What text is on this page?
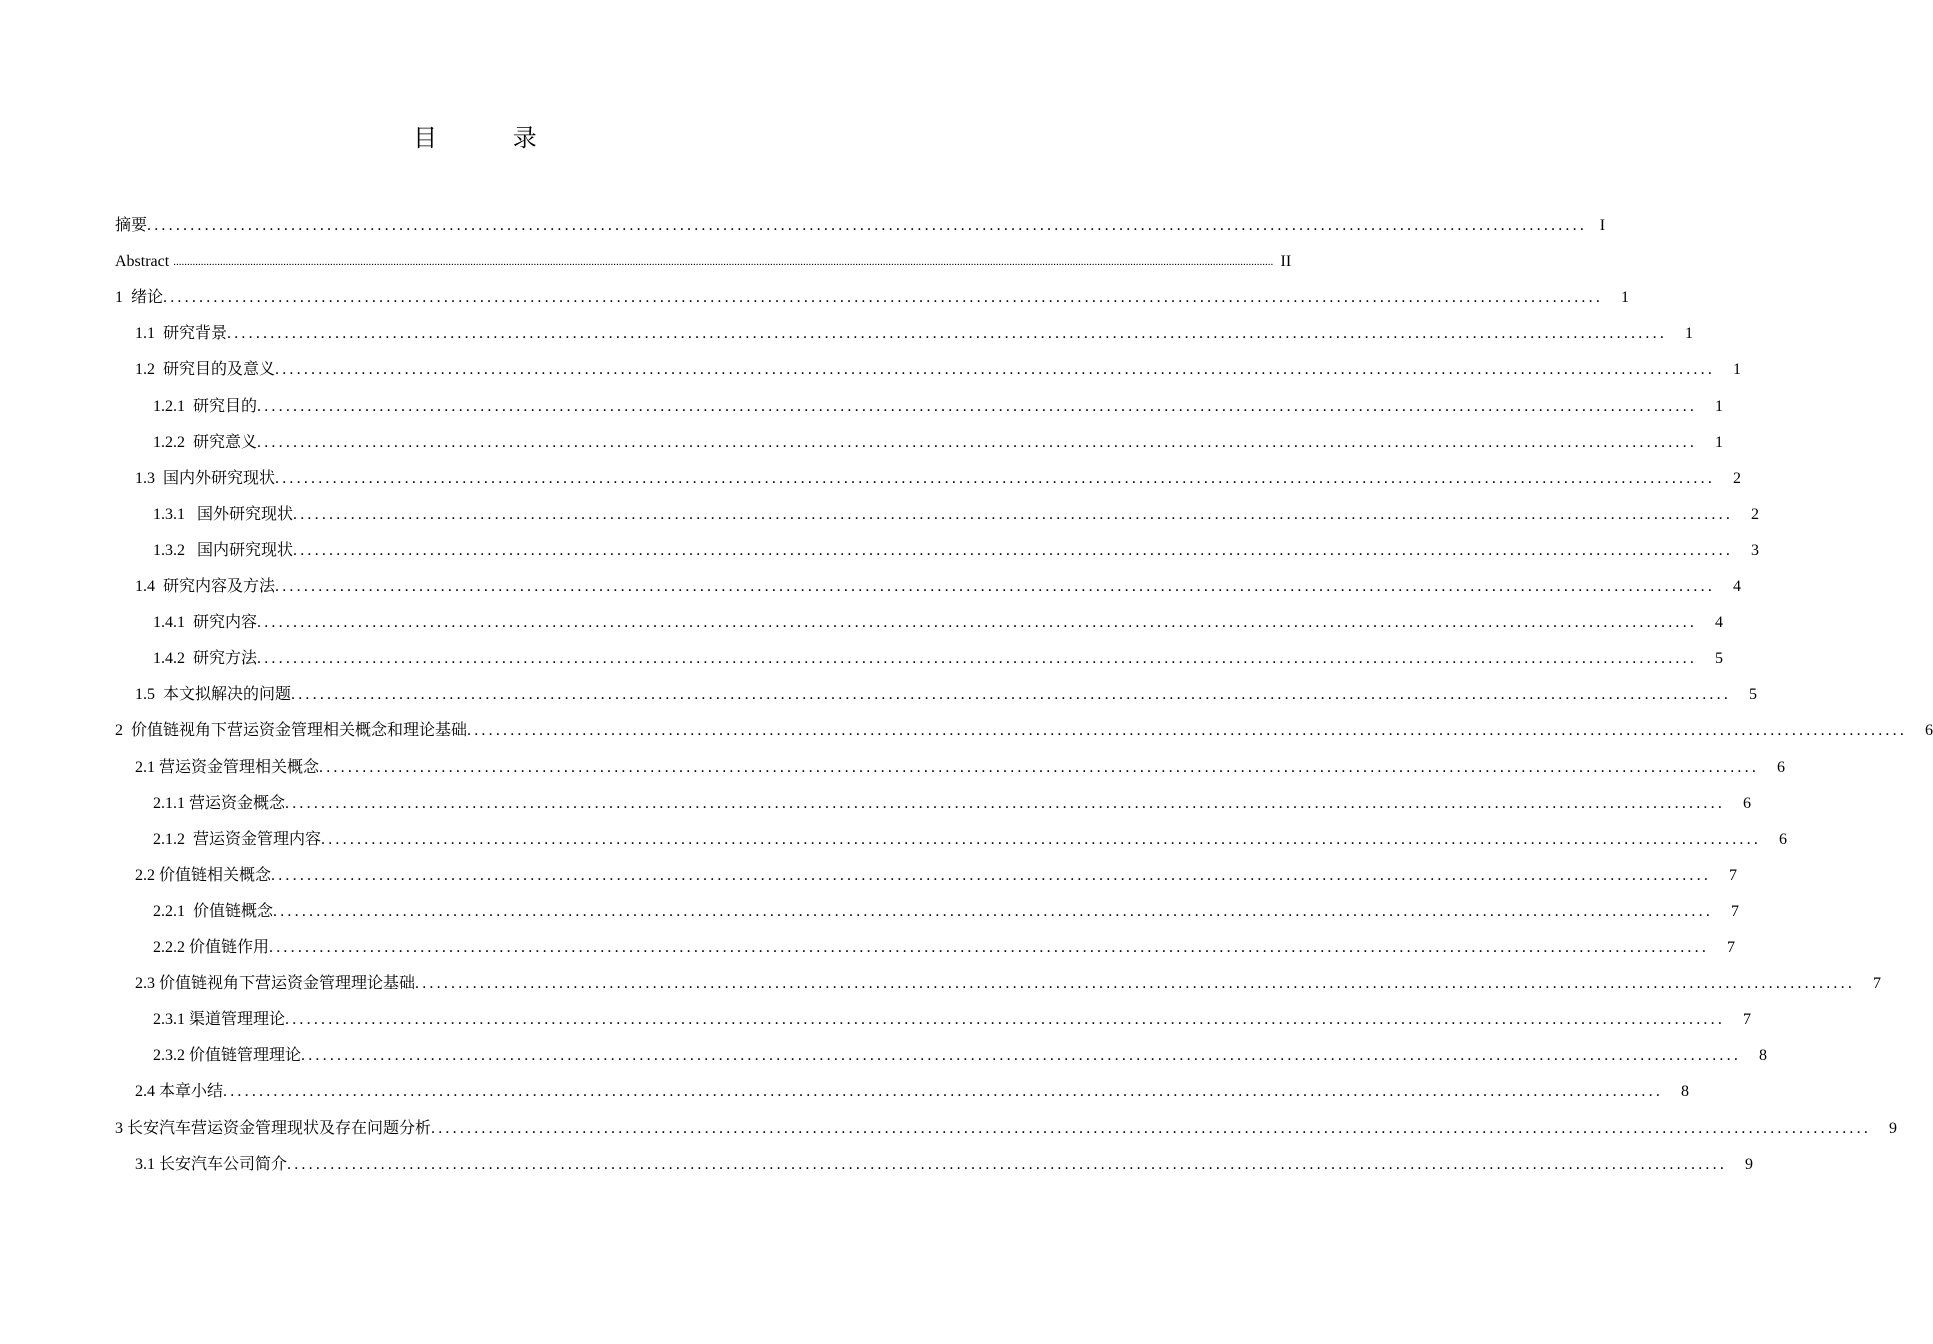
目 录
摘要 ........................................................................................................................................................................................................ I
Abstract ................................................................................................................................................................................................................................................................................................................................................................................................................ II
1  绪论 ........................................................................................................................................................................................................	1
1.1  研究背景 ........................................................................................................................................................................................................	1
1.2  研究目的及意义 ........................................................................................................................................................................................................	1
1.2.1  研究目的 ........................................................................................................................................................................................................	1
1.2.2  研究意义 ........................................................................................................................................................................................................	1
1.3  国内外研究现状 ........................................................................................................................................................................................................	2
1.3.1   国外研究现状 ........................................................................................................................................................................................................	2
1.3.2   国内研究现状 ........................................................................................................................................................................................................	3
1.4  研究内容及方法 ........................................................................................................................................................................................................	4
1.4.1  研究内容 ........................................................................................................................................................................................................	4
1.4.2  研究方法 ........................................................................................................................................................................................................	5
1.5  本文拟解决的问题 ........................................................................................................................................................................................................	5
2  价值链视角下营运资金管理相关概念和理论基础 ........................................................................................................................................................................................................	6
2.1 营运资金管理相关概念 ........................................................................................................................................................................................................	6
2.1.1 营运资金概念 ........................................................................................................................................................................................................	6
2.1.2  营运资金管理内容 ........................................................................................................................................................................................................	6
2.2 价值链相关概念 ........................................................................................................................................................................................................	7
2.2.1  价值链概念 ........................................................................................................................................................................................................	7
2.2.2 价值链作用 ........................................................................................................................................................................................................	7
2.3 价值链视角下营运资金管理理论基础 ........................................................................................................................................................................................................	7
2.3.1 渠道管理理论 ........................................................................................................................................................................................................	7
2.3.2 价值链管理理论 ........................................................................................................................................................................................................	8
2.4 本章小结 ........................................................................................................................................................................................................	8
3 长安汽车营运资金管理现状及存在问题分析 ........................................................................................................................................................................................................	9
3.1 长安汽车公司简介 ........................................................................................................................................................................................................	9
